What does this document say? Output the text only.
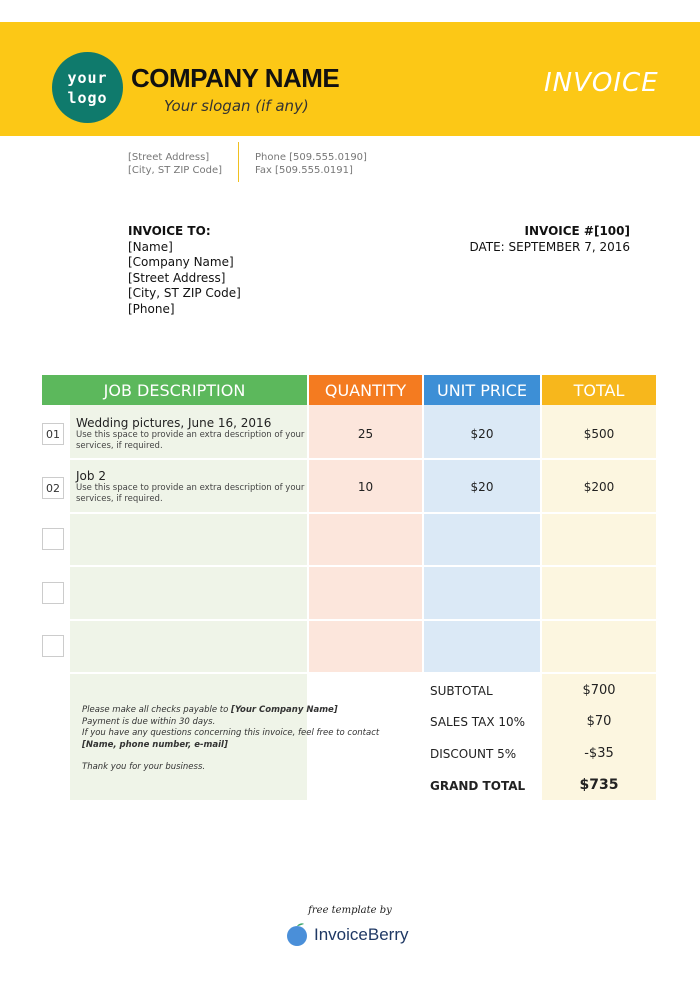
your
logo
COMPANY NAME
Your slogan (if any)
INVOICE
[Street Address]
[City, ST ZIP Code]
Phone [509.555.0190]
Fax [509.555.0191]
INVOICE TO:
[Name]
[Company Name]
[Street Address]
[City, ST ZIP Code]
[Phone]
INVOICE #[100]
DATE: SEPTEMBER 7, 2016
JOB DESCRIPTION	QUANTITY	UNIT PRICE	TOTAL
01
Wedding pictures, June 16, 2016
Use this space to provide an extra description of your services, if required.
25	$20	$500
02
Job 2
Use this space to provide an extra description of your services, if required.
10	$20	$200
Please make all checks payable to [Your Company Name]
Payment is due within 30 days.
If you have any questions concerning this invoice, feel free to contact
[Name, phone number, e-mail]
Thank you for your business.
SUBTOTAL	$700
SALES TAX 10%	$70
DISCOUNT 5%	-$35
GRAND TOTAL	$735
free template by
InvoiceBerry
